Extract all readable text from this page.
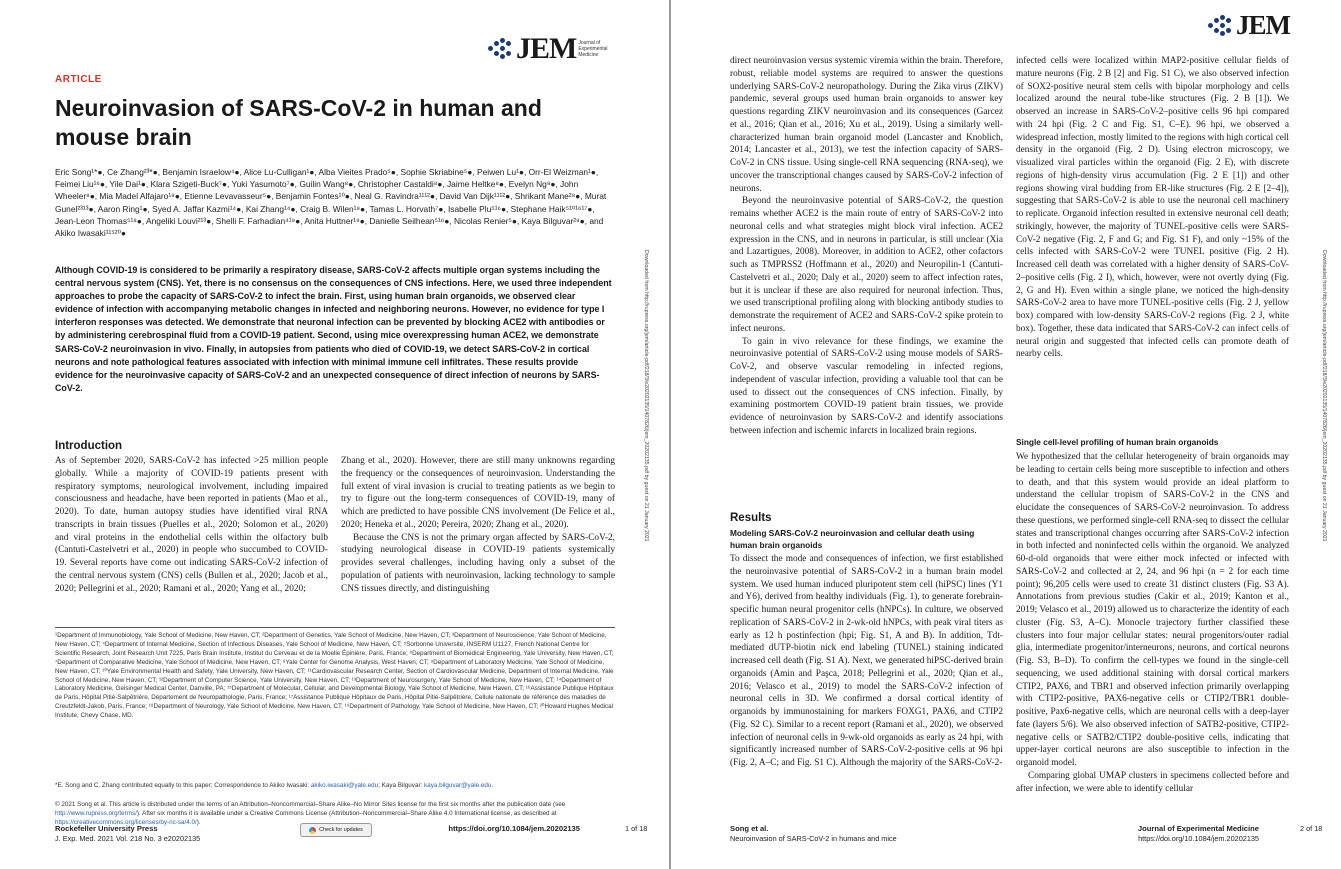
JEM Journal of
Experimental
Medicine
ARTICLE
Neuroinvasion of SARS-CoV-2 in human and mouse brain
Eric Song¹*●, Ce Zhang²³*●, Benjamin Israelow⁴●, Alice Lu-Culligan¹●, Alba Vieites Prado⁵●, Sophie Skriabine⁵●, Peiwen Lu¹●, Orr-El Weizman¹●, Feimei Liu¹⁶●, Yile Dai¹●, Klara Szigeti-Buck⁷●, Yuki Yasumoto⁷●, Guilin Wang⁸●, Christopher Castaldi⁸●, Jaime Heltke⁸●, Evelyn Ng⁸●, John Wheeler⁸●, Mia Madel Alfajaro¹⁹●, Etienne Levavasseur⁵●, Benjamin Fontes¹⁰●, Neal G. Ravindra¹¹¹²●, David Van Dijk¹¹¹²●, Shrikant Mane²⁸●, Murat Gunel²³¹³●, Aaron Ring¹●, Syed A. Jaffar Kazmi¹⁴●, Kai Zhang¹⁴●, Craig B. Wilen¹⁹●, Tamas L. Horvath⁷●, Isabelle Plu⁵¹⁶●, Stephane Haik⁵¹⁰¹⁶¹⁷●, Jean-Leon Thomas⁵¹⁸●, Angeliki Louvi²¹³●, Shelli F. Farhadian⁴¹⁹●, Anita Huttner¹⁹●, Danielle Seilhean⁵¹⁶●, Nicolas Renier⁵●, Kaya Bilguvar²⁸●, and Akiko Iwasaki¹¹⁵²⁰●

Although COVID-19 is considered to be primarily a respiratory disease, SARS-CoV-2 affects multiple organ systems including the central nervous system (CNS). Yet, there is no consensus on the consequences of CNS infections. Here, we used three independent approaches to probe the capacity of SARS-CoV-2 to infect the brain. First, using human brain organoids, we observed clear evidence of infection with accompanying metabolic changes in infected and neighboring neurons. However, no evidence for type I interferon responses was detected. We demonstrate that neuronal infection can be prevented by blocking ACE2 with antibodies or by administering cerebrospinal fluid from a COVID-19 patient. Second, using mice overexpressing human ACE2, we demonstrate SARS-CoV-2 neuroinvasion in vivo. Finally, in autopsies from patients who died of COVID-19, we detect SARS-CoV-2 in cortical neurons and note pathological features associated with infection with minimal immune cell infiltrates. These results provide evidence for the neuroinvasive capacity of SARS-CoV-2 and an unexpected consequence of direct infection of neurons by SARS-CoV-2.

Introduction

As of September 2020, SARS-CoV-2 has infected >25 million people globally. While a majority of COVID-19 patients present with respiratory symptoms, neurological involvement, including impaired consciousness and headache, have been reported in patients (Mao et al., 2020). To date, human autopsy studies have identified viral RNA transcripts in brain tissues (Puelles et al., 2020; Solomon et al., 2020) and viral proteins in the endothelial cells within the olfactory bulb (Cantuti-Castelvetri et al., 2020) in people who succumbed to COVID-19. Several reports have come out indicating SARS-CoV-2 infection of the central nervous system (CNS) cells (Bullen et al., 2020; Jacob et al., 2020; Pellegrini et al., 2020; Ramani et al., 2020; Yang et al., 2020;

Zhang et al., 2020). However, there are still many unknowns regarding the frequency or the consequences of neuroinvasion. Understanding the full extent of viral invasion is crucial to treating patients as we begin to try to figure out the long-term consequences of COVID-19, many of which are predicted to have possible CNS involvement (De Felice et al., 2020; Heneka et al., 2020; Pereira, 2020; Zhang et al., 2020).

Because the CNS is not the primary organ affected by SARS-CoV-2, studying neurological disease in COVID-19 patients systemically provides several challenges, including having only a subset of the population of patients with neuroinvasion, lacking technology to sample CNS tissues directly, and distinguishing

¹Department of Immunobiology, Yale School of Medicine, New Haven, CT; ²Department of Genetics, Yale School of Medicine, New Haven, CT; ³Department of Neuroscience, Yale School of Medicine, New Haven, CT; ⁴Department of Internal Medicine, Section of Infectious Diseases, Yale School of Medicine, New Haven, CT; ⁵Sorbonne Université, INSERM U1127, French National Centre for Scientific Research, Joint Research Unit 7225, Paris Brain Institute, Institut du Cerveau et de la Moelle Épinière, Paris, France; ⁶Department of Biomedical Engineering, Yale University, New Haven, CT; ⁷Department of Comparative Medicine, Yale School of Medicine, New Haven, CT; ⁸Yale Center for Genome Analysis, West Haven, CT; ⁹Department of Laboratory Medicine, Yale School of Medicine, New Haven, CT; ¹⁰Yale Environmental Health and Safety, Yale University, New Haven, CT; ¹¹Cardiovascular Research Center, Section of Cardiovascular Medicine, Department of Internal Medicine, Yale School of Medicine, New Haven, CT; ¹²Department of Computer Science, Yale University, New Haven, CT; ¹³Department of Neurosurgery, Yale School of Medicine, New Haven, CT; ¹⁴Department of Laboratory Medicine, Geisinger Medical Center, Danville, PA; ¹⁵Department of Molecular, Cellular, and Developmental Biology, Yale School of Medicine, New Haven, CT; ¹⁶Assistance Publique Hôpitaux de Paris, Hôpital Pitié-Salpêtrière, Département de Neuropathologie, Paris, France; ¹⁷Assistance Publique Hôpitaux de Paris, Hôpital Pitié-Salpêtrière, Cellule nationale de référence des maladies de Creutzfeldt-Jakob, Paris, France; ¹⁸Department of Neurology, Yale School of Medicine, New Haven, CT; ¹⁹Department of Pathology, Yale School of Medicine, New Haven, CT; ²⁰Howard Hughes Medical Institute, Chevy Chase, MD.
*E. Song and C. Zhang contributed equally to this paper; Correspondence to Akiko Iwasaki: akiko.iwasaki@yale.edu; Kaya Bilguvar: kaya.bilguvar@yale.edu.
© 2021 Song et al. This article is distributed under the terms of an Attribution–Noncommercial–Share Alike–No Mirror Sites license for the first six months after the publication date (see http://www.rupress.org/terms/). After six months it is available under a Creative Commons License (Attribution–Noncommercial–Share Alike 4.0 International license, as described at https://creativecommons.org/licenses/by-nc-sa/4.0/).
Rockefeller University Press
J. Exp. Med. 2021 Vol. 218 No. 3 e20202135
Check for updates	https://doi.org/10.1084/jem.20202135	1 of 18
Downloaded from http://rupress.org/jem/article-pdf/218/3/e20202135/1407826/jem_20202135.pdf by guest on 21 January 2021
JEM

direct neuroinvasion versus systemic viremia within the brain. Therefore, robust, reliable model systems are required to answer the questions underlying SARS-CoV-2 neuropathology. During the Zika virus (ZIKV) pandemic, several groups used human brain organoids to answer key questions regarding ZIKV neuroinvasion and its consequences (Garcez et al., 2016; Qian et al., 2016; Xu et al., 2019). Using a similarly well-characterized human brain organoid model (Lancaster and Knoblich, 2014; Lancaster et al., 2013), we test the infection capacity of SARS-CoV-2 in CNS tissue. Using single-cell RNA sequencing (RNA-seq), we uncover the transcriptional changes caused by SARS-CoV-2 infection of neurons.

Beyond the neuroinvasive potential of SARS-CoV-2, the question remains whether ACE2 is the main route of entry of SARS-CoV-2 into neuronal cells and what strategies might block viral infection. ACE2 expression in the CNS, and in neurons in particular, is still unclear (Xia and Lazartigues, 2008). Moreover, in addition to ACE2, other cofactors such as TMPRSS2 (Hoffmann et al., 2020) and Neuropilin-1 (Cantuti-Castelvetri et al., 2020; Daly et al., 2020) seem to affect infection rates, but it is unclear if these are also required for neuronal infection. Thus, we used transcriptional profiling along with blocking antibody studies to demonstrate the requirement of ACE2 and SARS-CoV-2 spike protein to infect neurons.

To gain in vivo relevance for these findings, we examine the neuroinvasive potential of SARS-CoV-2 using mouse models of SARS-CoV-2, and observe vascular remodeling in infected regions, independent of vascular infection, providing a valuable tool that can be used to dissect out the consequences of CNS infection. Finally, by examining postmortem COVID-19 patient brain tissues, we provide evidence of neuroinvasion by SARS-CoV-2 and identify associations between infection and ischemic infarcts in localized brain regions.

Results
Modeling SARS-CoV-2 neuroinvasion and cellular death using human brain organoids

To dissect the mode and consequences of infection, we first established the neuroinvasive potential of SARS-CoV-2 in a human brain model system. We used human induced pluripotent stem cell (hiPSC) lines (Y1 and Y6), derived from healthy individuals (Fig. 1), to generate forebrain-specific human neural progenitor cells (hNPCs). In culture, we observed replication of SARS-CoV-2 in 2-wk-old hNPCs, with peak viral titers as early as 12 h postinfection (hpi; Fig. S1, A and B). In addition, Tdt-mediated dUTP-biotin nick end labeling (TUNEL) staining indicated increased cell death (Fig. S1 A). Next, we generated hiPSC-derived brain organoids (Amin and Paşca, 2018; Pellegrini et al., 2020; Qian et al., 2016; Velasco et al., 2019) to model the SARS-CoV-2 infection of neuronal cells in 3D. We confirmed a dorsal cortical identity of organoids by immunostaining for markers FOXG1, PAX6, and CTIP2 (Fig. S2 C). Similar to a recent report (Ramani et al., 2020), we observed infection of neuronal cells in 9-wk-old organoids as early as 24 hpi, with significantly increased number of SARS-CoV-2-positive cells at 96 hpi (Fig. 2, A–C; and Fig. S1 C). Although the majority of the SARS-CoV-2-

infected cells were localized within MAP2-positive cellular fields of mature neurons (Fig. 2 B [2] and Fig. S1 C), we also observed infection of SOX2-positive neural stem cells with bipolar morphology and cells localized around the neural tube-like structures (Fig. 2 B [1]). We observed an increase in SARS-CoV-2–positive cells 96 hpi compared with 24 hpi (Fig. 2 C and Fig. S1, C–E). 96 hpi, we observed a widespread infection, mostly limited to the regions with high cortical cell density in the organoid (Fig. 2 D). Using electron microscopy, we visualized viral particles within the organoid (Fig. 2 E), with discrete regions of high-density virus accumulation (Fig. 2 E [1]) and other regions showing viral budding from ER-like structures (Fig. 2 E [2–4]), suggesting that SARS-CoV-2 is able to use the neuronal cell machinery to replicate. Organoid infection resulted in extensive neuronal cell death; strikingly, however, the majority of TUNEL-positive cells were SARS-CoV-2 negative (Fig. 2, F and G; and Fig. S1 F), and only ~15% of the cells infected with SARS-CoV-2 were TUNEL positive (Fig. 2 H). Increased cell death was correlated with a higher density of SARS-CoV-2–positive cells (Fig. 2 I), which, however, were not overtly dying (Fig. 2, G and H). Even within a single plane, we noticed the high-density SARS-CoV-2 area to have more TUNEL-positive cells (Fig. 2 J, yellow box) compared with low-density SARS-CoV-2 regions (Fig. 2 J, white box). Together, these data indicated that SARS-CoV-2 can infect cells of neural origin and suggested that infected cells can promote death of nearby cells.

Single cell-level profiling of human brain organoids

We hypothesized that the cellular heterogeneity of brain organoids may be leading to certain cells being more susceptible to infection and others to death, and that this system would provide an ideal platform to understand the cellular tropism of SARS-CoV-2 in the CNS and elucidate the consequences of SARS-CoV-2 neuroinvasion. To address these questions, we performed single-cell RNA-seq to dissect the cellular states and transcriptional changes occurring after SARS-CoV-2 infection in both infected and noninfected cells within the organoid. We analyzed 60-d-old organoids that were either mock infected or infected with SARS-CoV-2 and collected at 2, 24, and 96 hpi (n = 2 for each time point); 96,205 cells were used to create 31 distinct clusters (Fig. S3 A). Annotations from previous studies (Cakir et al., 2019; Kanton et al., 2019; Velasco et al., 2019) allowed us to characterize the identity of each cluster (Fig. S3, A–C). Monocle trajectory further classified these clusters into four major cellular states: neural progenitors/outer radial glia, intermediate progenitor/interneurons, neurons, and cortical neurons (Fig. S3, B–D). To confirm the cell-types we found in the single-cell sequencing, we used additional staining with dorsal cortical markers CTIP2, PAX6, and TBR1 and observed infection primarily overlapping with CTIP2-positive, PAX6-negative cells or CTIP2/TBR1 double-positive, Pax6-negative cells, which are neuronal cells with a deep-layer fate (layers 5/6). We also observed infection of SATB2-positive, CTIP2-negative cells or SATB2/CTIP2 double-positive cells, indicating that upper-layer cortical neurons are also susceptible to infection in the organoid model.

Comparing global UMAP clusters in specimens collected before and after infection, we were able to identify cellular

Song et al.
Neuroinvasion of SARS-CoV-2 in humans and mice
Journal of Experimental Medicine
https://doi.org/10.1084/jem.20202135
2 of 18
Downloaded from http://rupress.org/jem/article-pdf/218/3/e20202135/1407826/jem_20202135.pdf by guest on 21 January 2021
